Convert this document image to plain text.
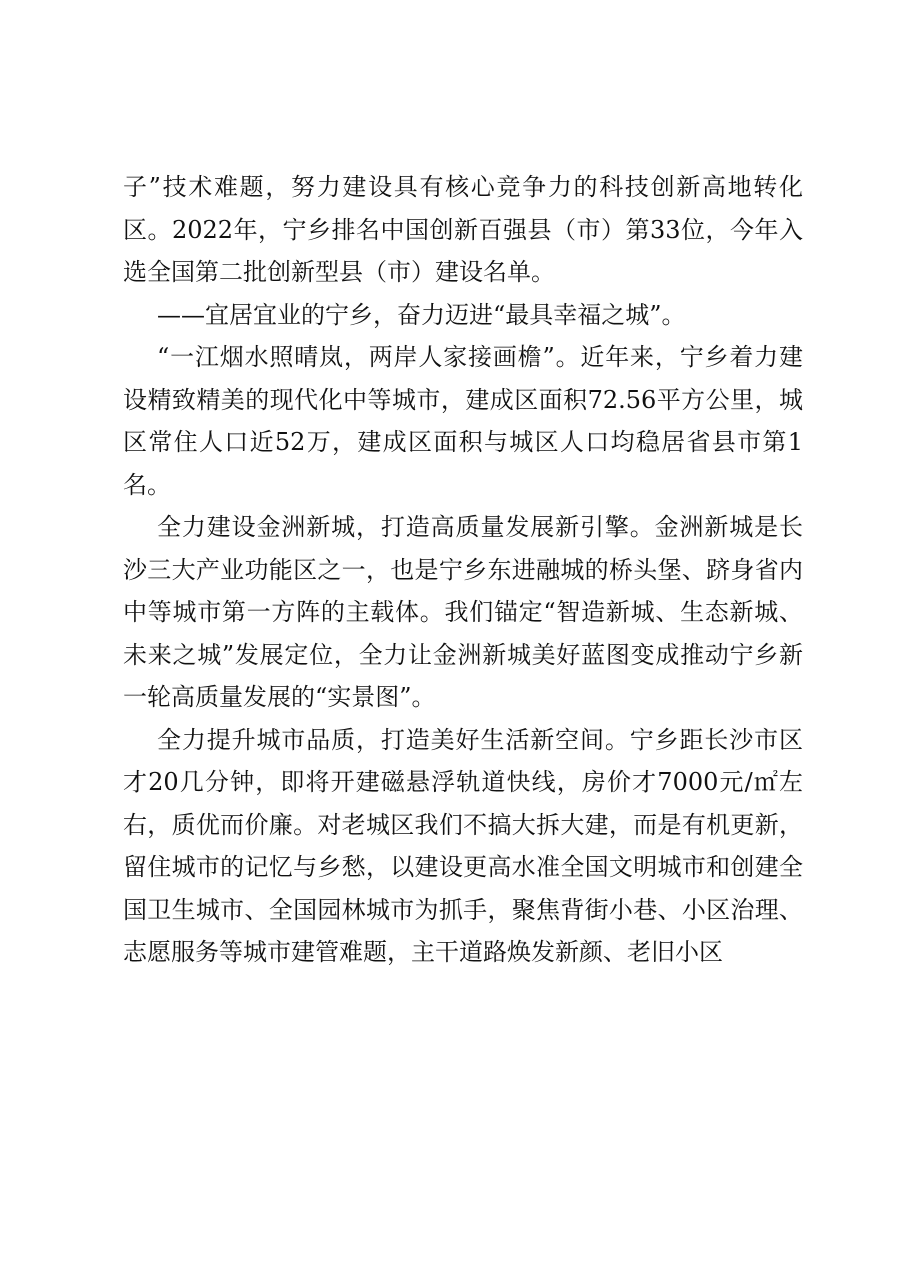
子”技术难题，努力建设具有核心竞争力的科技创新高地转化区。2022年，宁乡排名中国创新百强县（市）第33位，今年入选全国第二批创新型县（市）建设名单。

——宜居宜业的宁乡，奋力迈进“最具幸福之城”。

“一江烟水照晴岚，两岸人家接画檐”。近年来，宁乡着力建设精致精美的现代化中等城市，建成区面积72.56平方公里，城区常住人口近52万，建成区面积与城区人口均稳居省县市第1名。

全力建设金洲新城，打造高质量发展新引擎。金洲新城是长沙三大产业功能区之一，也是宁乡东进融城的桥头堡、跻身省内中等城市第一方阵的主载体。我们锚定“智造新城、生态新城、未来之城”发展定位，全力让金洲新城美好蓝图变成推动宁乡新一轮高质量发展的“实景图”。

全力提升城市品质，打造美好生活新空间。宁乡距长沙市区才20几分钟，即将开建磁悬浮轨道快线，房价才7000元/㎡左右，质优而价廉。对老城区我们不搞大拆大建，而是有机更新，留住城市的记忆与乡愁，以建设更高水准全国文明城市和创建全国卫生城市、全国园林城市为抓手，聚焦背街小巷、小区治理、志愿服务等城市建管难题，主干道路焕发新颜、老旧小区
